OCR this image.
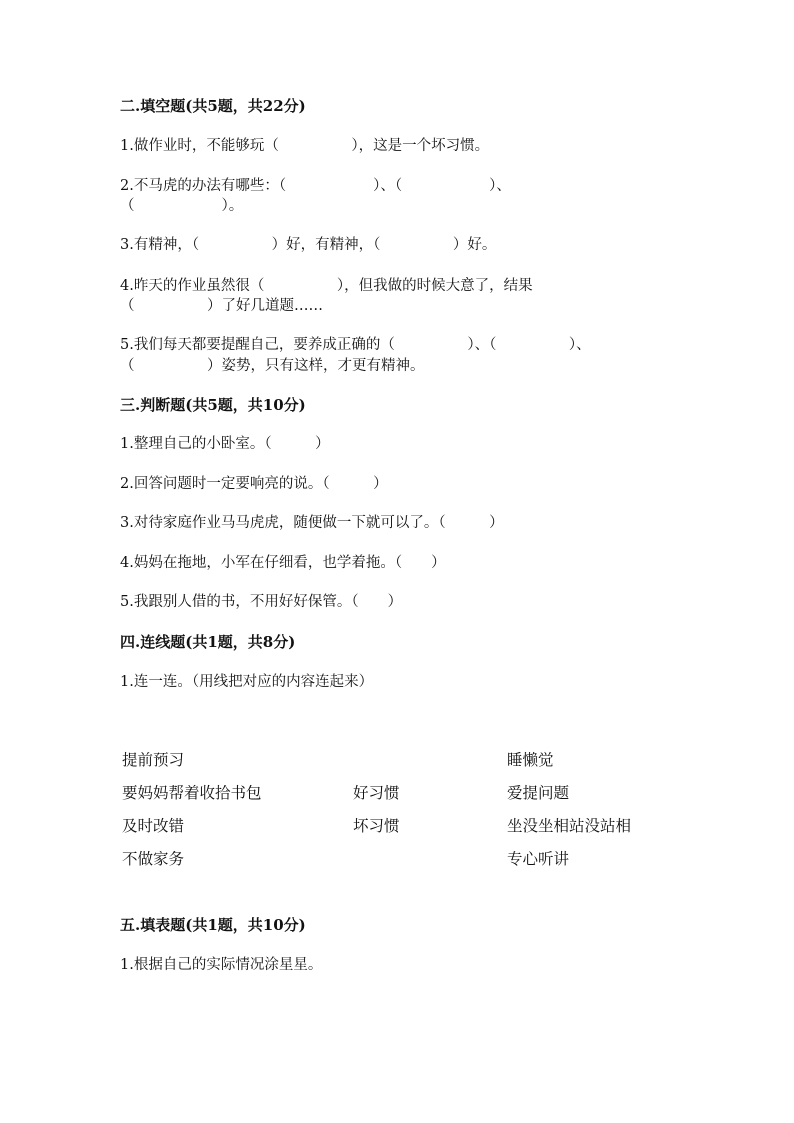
二.填空题(共5题，共22分)
1.做作业时，不能够玩（　　　　　），这是一个坏习惯。
2.不马虎的办法有哪些：（　　　　　　）、（　　　　　　）、
（　　　　　　）。
3.有精神，（　　　　　）好，有精神，（　　　　　）好。
4.昨天的作业虽然很（　　　　　），但我做的时候大意了，结果
（　　　　　）了好几道题……
5.我们每天都要提醒自己，要养成正确的（　　　　　）、（　　　　　）、
（　　　　　）姿势，只有这样，才更有精神。
三.判断题(共5题，共10分)
1.整理自己的小卧室。（　　　）
2.回答问题时一定要响亮的说。（　　　）
3.对待家庭作业马马虎虎，随便做一下就可以了。（　　　）
4.妈妈在拖地，小军在仔细看，也学着拖。（　　）
5.我跟别人借的书，不用好好保管。（　　）
四.连线题(共1题，共8分)
1.连一连。（用线把对应的内容连起来）
提前预习
要妈妈帮着收拾书包
及时改错
不做家务
好习惯
坏习惯
睡懒觉
爱提问题
坐没坐相站没站相
专心听讲
五.填表题(共1题，共10分)
1.根据自己的实际情况涂星星。
